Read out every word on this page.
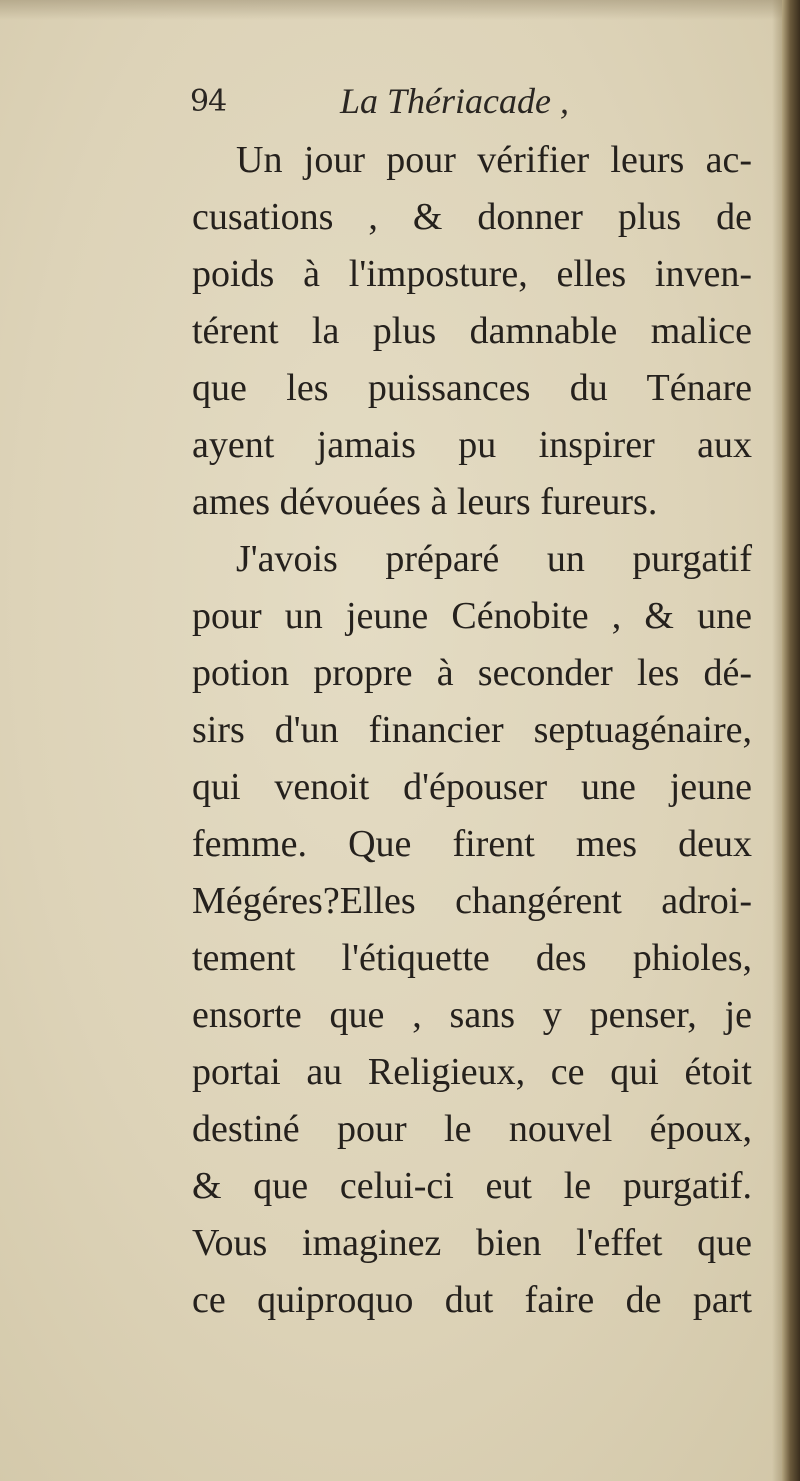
94	La Thériacade ,
Un jour pour vérifier leurs ac-
cusations , & donner plus de
poids à l'imposture, elles inven-
térent la plus damnable malice
que les puissances du Ténare
ayent jamais pu inspirer aux
ames dévouées à leurs fureurs.
J'avois préparé un purgatif
pour un jeune Cénobite , & une
potion propre à seconder les dé-
sirs d'un financier septuagénaire,
qui venoit d'épouser une jeune
femme. Que firent mes deux
Mégéres?Elles changérent adroi-
tement l'étiquette des phioles,
ensorte que , sans y penser, je
portai au Religieux, ce qui étoit
destiné pour le nouvel époux,
& que celui-ci eut le purgatif.
Vous imaginez bien l'effet que
ce quiproquo dut faire de part
